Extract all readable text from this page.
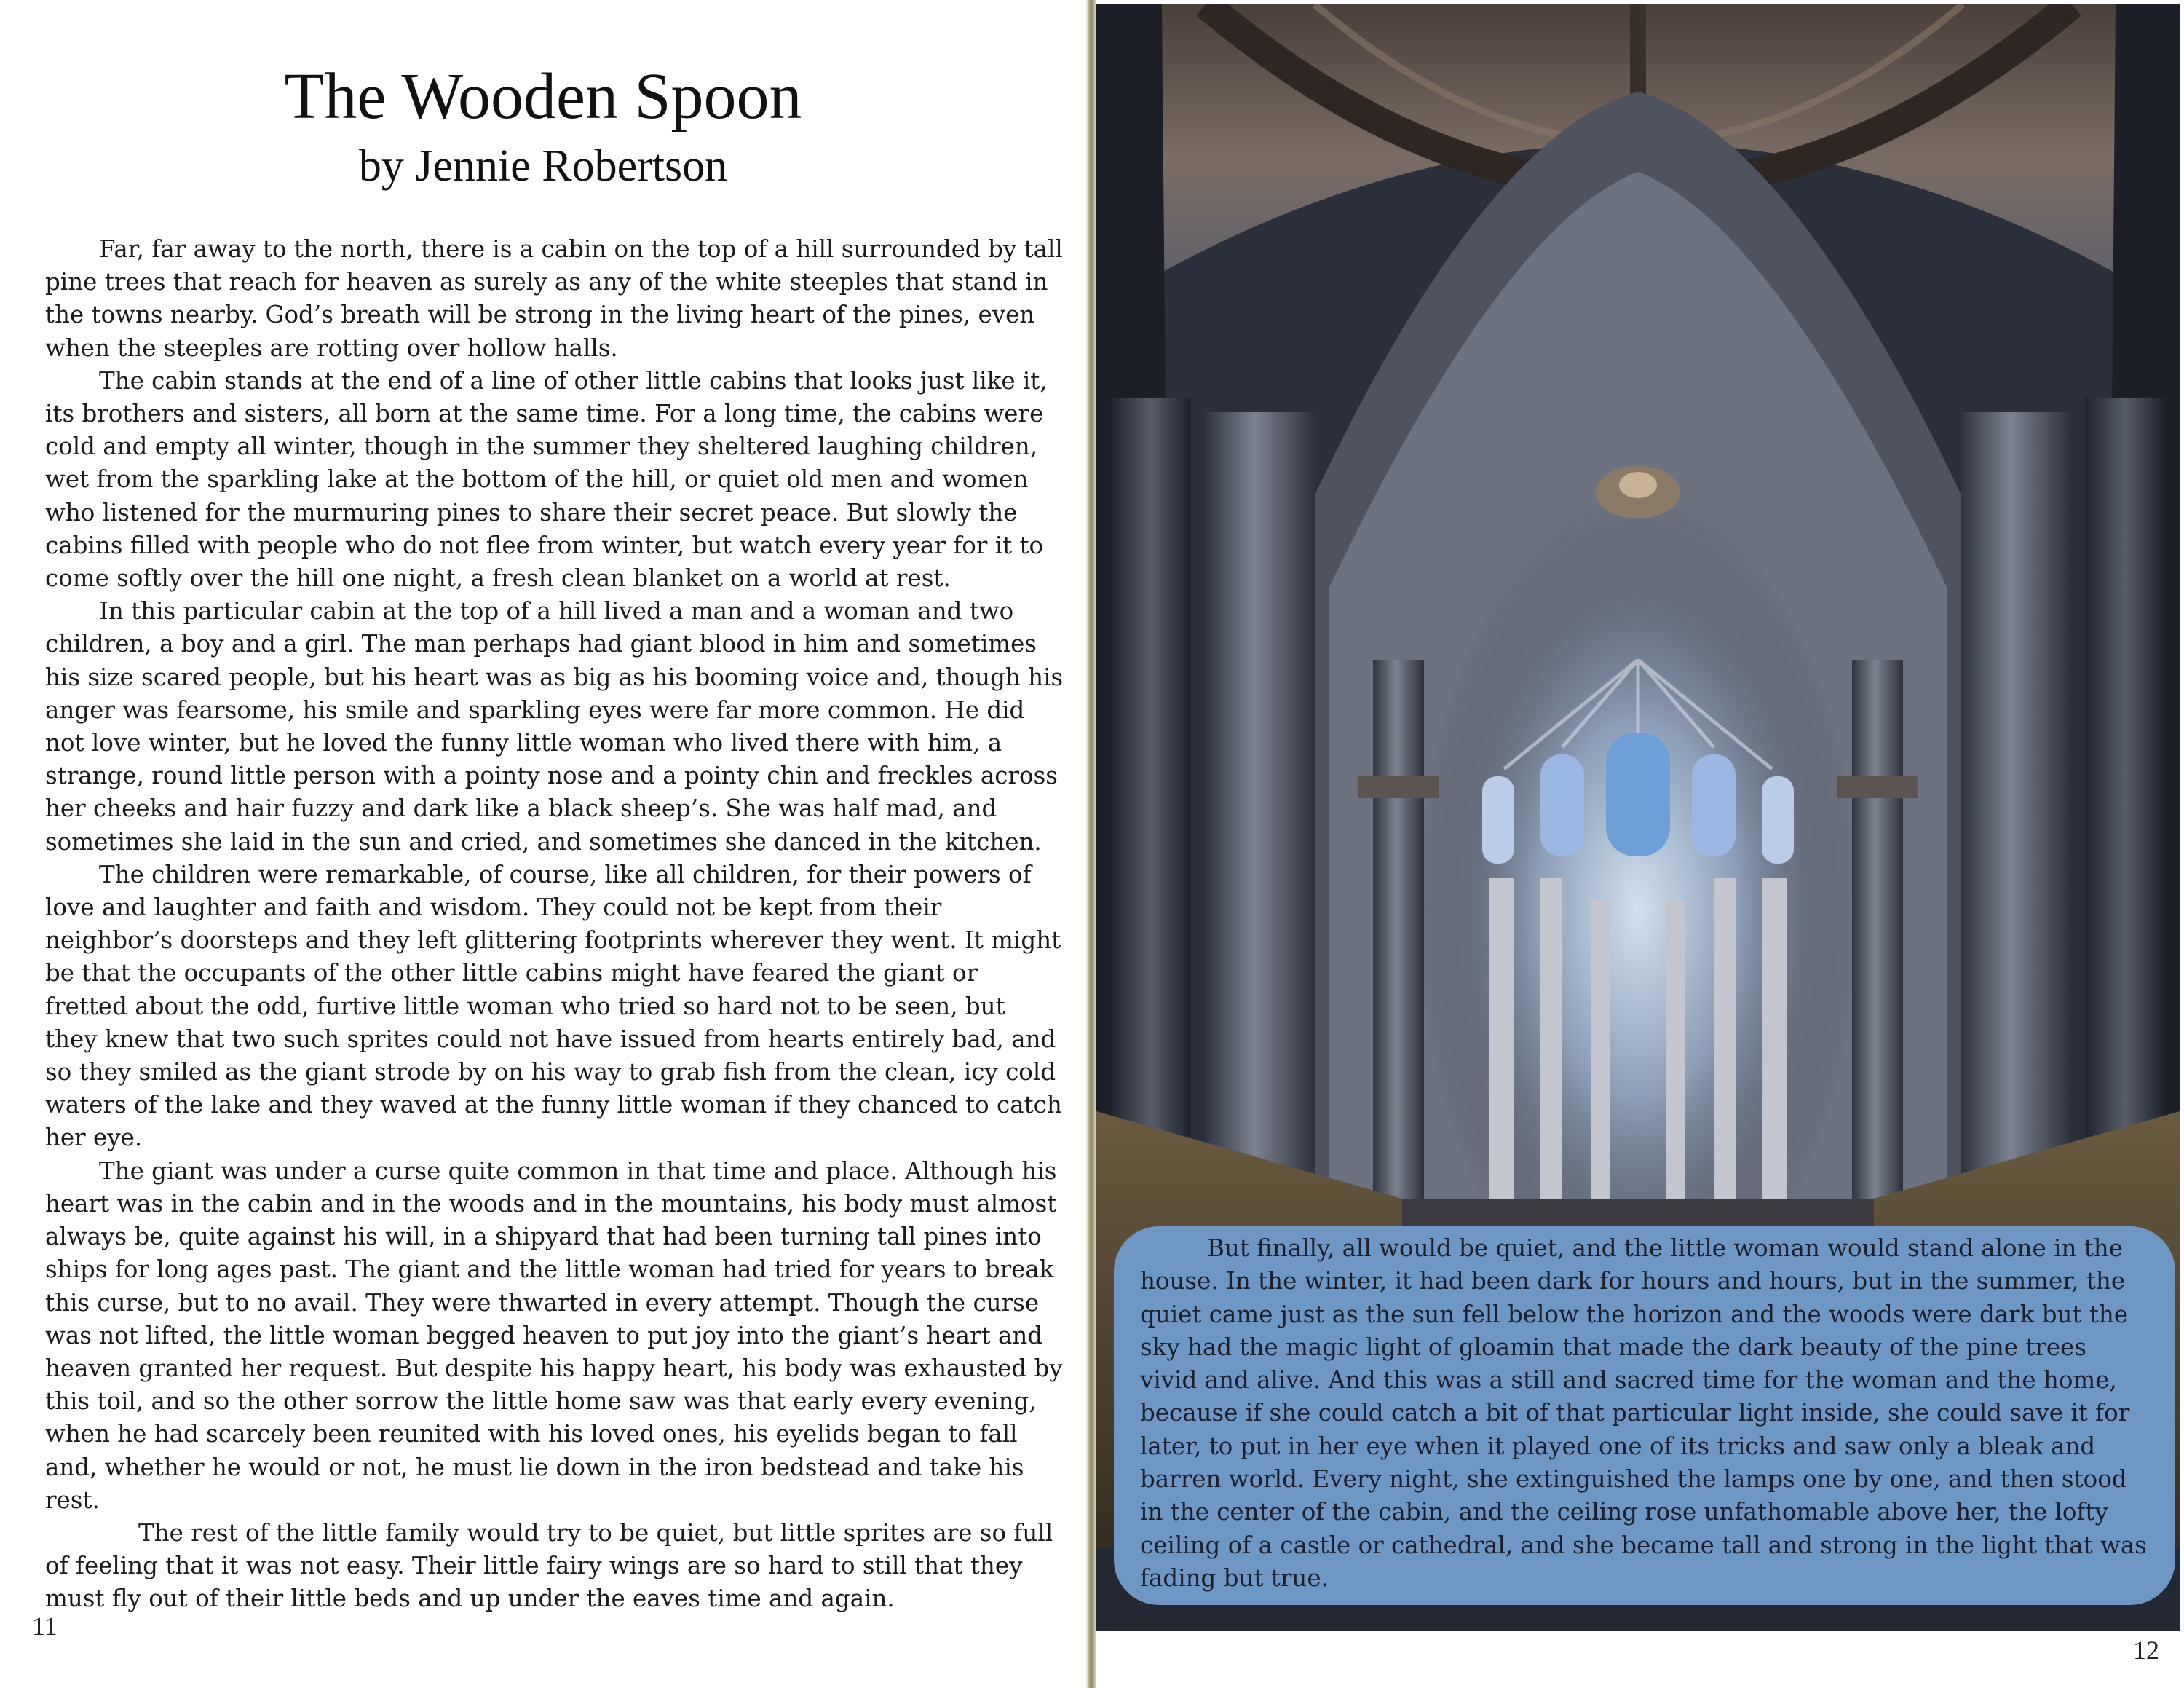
The Wooden Spoon
by Jennie Robertson

Far, far away to the north, there is a cabin on the top of a hill surrounded by tall pine trees that reach for heaven as surely as any of the white steeples that stand in the towns nearby. God’s breath will be strong in the living heart of the pines, even when the steeples are rotting over hollow halls.

The cabin stands at the end of a line of other little cabins that looks just like it, its brothers and sisters, all born at the same time. For a long time, the cabins were cold and empty all winter, though in the summer they sheltered laughing children, wet from the sparkling lake at the bottom of the hill, or quiet old men and women who listened for the murmuring pines to share their secret peace. But slowly the cabins filled with people who do not flee from winter, but watch every year for it to come softly over the hill one night, a fresh clean blanket on a world at rest.

In this particular cabin at the top of a hill lived a man and a woman and two children, a boy and a girl. The man perhaps had giant blood in him and sometimes his size scared people, but his heart was as big as his booming voice and, though his anger was fearsome, his smile and sparkling eyes were far more common. He did not love winter, but he loved the funny little woman who lived there with him, a strange, round little person with a pointy nose and a pointy chin and freckles across her cheeks and hair fuzzy and dark like a black sheep’s. She was half mad, and sometimes she laid in the sun and cried, and sometimes she danced in the kitchen.

The children were remarkable, of course, like all children, for their powers of love and laughter and faith and wisdom. They could not be kept from their neighbor’s doorsteps and they left glittering footprints wherever they went. It might be that the occupants of the other little cabins might have feared the giant or fretted about the odd, furtive little woman who tried so hard not to be seen, but they knew that two such sprites could not have issued from hearts entirely bad, and so they smiled as the giant strode by on his way to grab fish from the clean, icy cold waters of the lake and they waved at the funny little woman if they chanced to catch her eye.

The giant was under a curse quite common in that time and place. Although his heart was in the cabin and in the woods and in the mountains, his body must almost always be, quite against his will, in a shipyard that had been turning tall pines into ships for long ages past. The giant and the little woman had tried for years to break this curse, but to no avail. They were thwarted in every attempt. Though the curse was not lifted, the little woman begged heaven to put joy into the giant’s heart and heaven granted her request. But despite his happy heart, his body was exhausted by this toil, and so the other sorrow the little home saw was that early every evening, when he had scarcely been reunited with his loved ones, his eyelids began to fall and, whether he would or not, he must lie down in the iron bedstead and take his rest.

The rest of the little family would try to be quiet, but little sprites are so full of feeling that it was not easy. Their little fairy wings are so hard to still that they must fly out of their little beds and up under the eaves time and again.

11
12

But finally, all would be quiet, and the little woman would stand alone in the house. In the winter, it had been dark for hours and hours, but in the summer, the quiet came just as the sun fell below the horizon and the woods were dark but the sky had the magic light of gloamin that made the dark beauty of the pine trees vivid and alive. And this was a still and sacred time for the woman and the home, because if she could catch a bit of that particular light inside, she could save it for later, to put in her eye when it played one of its tricks and saw only a bleak and barren world. Every night, she extinguished the lamps one by one, and then stood in the center of the cabin, and the ceiling rose unfathomable above her, the lofty ceiling of a castle or cathedral, and she became tall and strong in the light that was fading but true.
